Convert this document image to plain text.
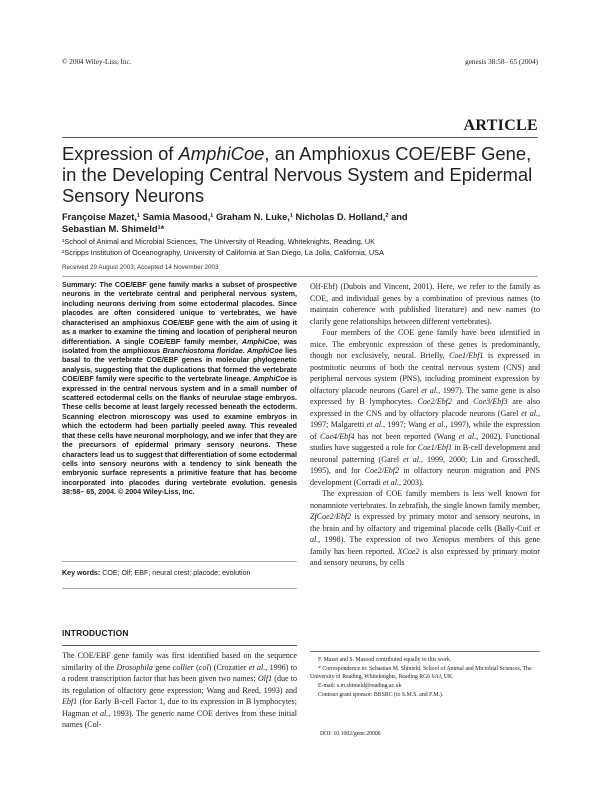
© 2004 Wiley-Liss, Inc.	genesis 38:58– 65 (2004)
ARTICLE
Expression of AmphiCoe, an Amphioxus COE/EBF Gene,
in the Developing Central Nervous System and Epidermal
Sensory Neurons
Françoise Mazet,¹ Samia Masood,¹ Graham N. Luke,¹ Nicholas D. Holland,² and
Sebastian M. Shimeld¹*
¹School of Animal and Microbial Sciences, The University of Reading, Whiteknights, Reading, UK
²Scripps Institution of Oceanography, University of California at San Diego, La Jolla, California, USA
Received 29 August 2003; Accepted 14 November 2003
Summary: The COE/EBF gene family marks a subset of prospective neurons in the vertebrate central and peripheral nervous system, including neurons deriving from some ectodermal placodes. Since placodes are often considered unique to vertebrates, we have characterised an amphioxus COE/EBF gene with the aim of using it as a marker to examine the timing and location of peripheral neuron differentiation. A single COE/EBF family member, AmphiCoe, was isolated from the amphioxus Branchiostoma floridae. AmphiCoe lies basal to the vertebrate COE/EBF genes in molecular phylogenetic analysis, suggesting that the duplications that formed the vertebrate COE/EBF family were specific to the vertebrate lineage. AmphiCoe is expressed in the central nervous system and in a small number of scattered ectodermal cells on the flanks of neurulae stage embryos. These cells become at least largely recessed beneath the ectoderm. Scanning electron microscopy was used to examine embryos in which the ectoderm had been partially peeled away. This revealed that these cells have neuronal morphology, and we infer that they are the precursors of epidermal primary sensory neurons. These characters lead us to suggest that differentiation of some ectodermal cells into sensory neurons with a tendency to sink beneath the embryonic surface represents a primitive feature that has become incorporated into placodes during vertebrate evolution. genesis 38:58– 65, 2004. © 2004 Wiley-Liss, Inc.
Key words: COE; Olf; EBF; neural crest; placode; evolution
INTRODUCTION
The COE/EBF gene family was first identified based on the sequence similarity of the Drosophila gene collier (col) (Crozatier et al., 1996) to a rodent transcription factor that has been given two names: Olf1 (due to its regulation of olfactory gene expression; Wang and Reed, 1993) and Ebf1 (for Early B-cell Factor 1, due to its expression in B lymphocytes; Hagman et al., 1993). The generic name COE derives from these initial names (Col-

Olf-Ebf) (Dubois and Vincent, 2001). Here, we refer to the family as COE, and individual genes by a combination of previous names (to maintain coherence with published literature) and new names (to clarify gene relationships between different vertebrates).

Four members of the COE gene family have been identified in mice. The embryonic expression of these genes is predominantly, though not exclusively, neural. Briefly, Coe1/Ebf1 is expressed in postmitotic neurons of both the central nervous system (CNS) and peripheral nervous system (PNS), including prominent expression by olfactory placode neurons (Garel et al., 1997). The same gene is also expressed by B lymphocytes. Coe2/Ebf2 and Coe3/Ebf3 are also expressed in the CNS and by olfactory placode neurons (Garel et al., 1997; Malgaretti et al., 1997; Wang et al., 1997), while the expression of Coe4/Ebf4 has not been reported (Wang et al., 2002). Functional studies have suggested a role for Coe1/Ebf1 in B-cell development and neuronal patterning (Garel et al., 1999, 2000; Lin and Grosschedl, 1995), and for Coe2/Ebf2 in olfactory neuron migration and PNS development (Corradi et al., 2003).

The expression of COE family members is less well known for nonamniote vertebrates. In zebrafish, the single known family member, ZfCoe2/Ebf2 is expressed by primary motor and sensory neurons, in the brain and by olfactory and trigeminal placode cells (Bally-Cuif et al., 1998). The expression of two Xenopus members of this gene family has been reported. XCoe2 is also expressed by primary motor and sensory neurons, by cells

F. Mazet and S. Masood contributed equally to this work.

* Correspondence to: Sebastian M. Shimeld, School of Animal and Microbial Sciences, The University of Reading, Whiteknights, Reading RG6 6AJ, UK.

E-mail: s.m.shimeld@reading.ac.uk

Contract grant sponsor: BBSRC (to S.M.S. and F.M.).

DOI: 10.1002/gene.20006
